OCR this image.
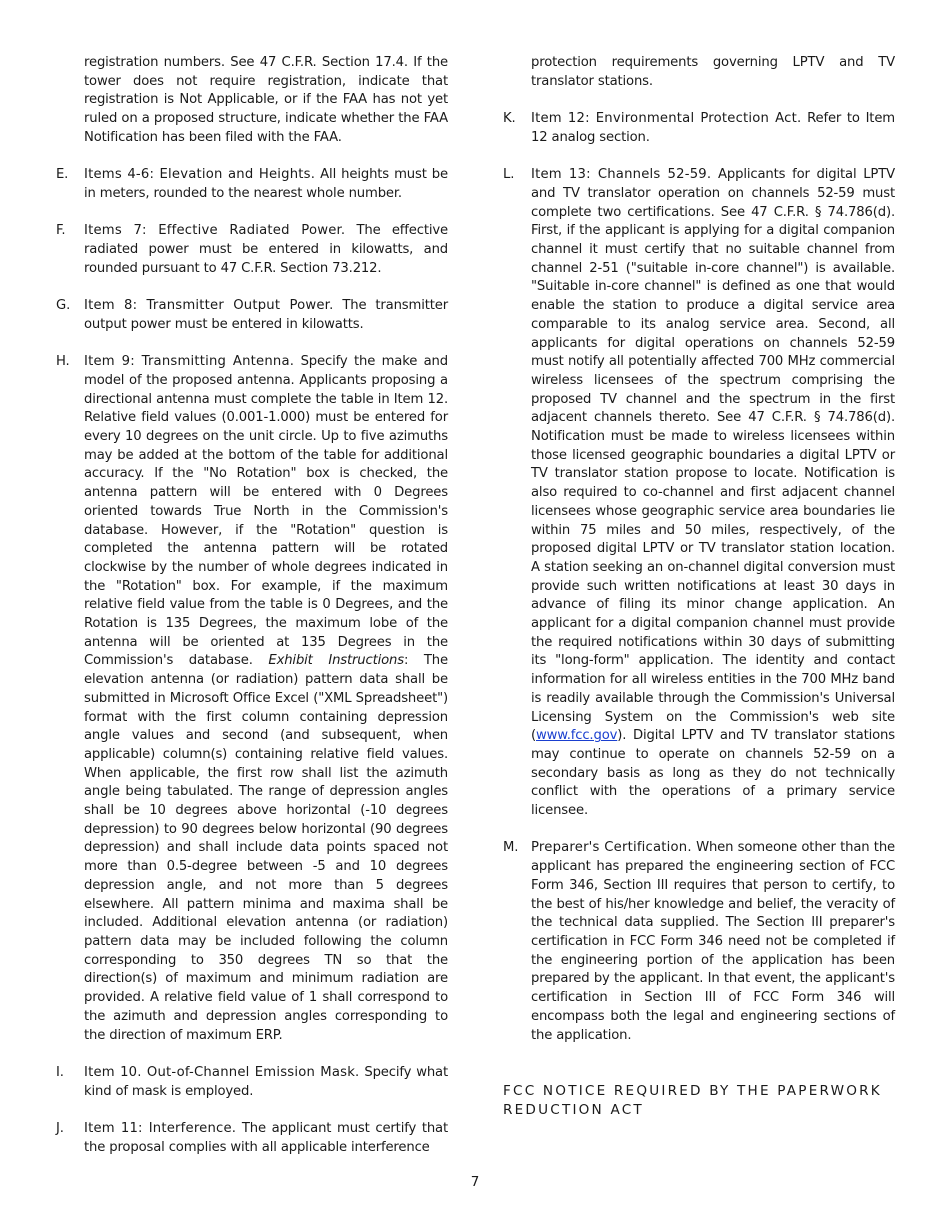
registration numbers. See 47 C.F.R. Section 17.4. If the tower does not require registration, indicate that registration is Not Applicable, or if the FAA has not yet ruled on a proposed structure, indicate whether the FAA Notification has been filed with the FAA.
E. Items 4-6: Elevation and Heights. All heights must be in meters, rounded to the nearest whole number.
F. Items 7: Effective Radiated Power. The effective radiated power must be entered in kilowatts, and rounded pursuant to 47 C.F.R. Section 73.212.
G. Item 8: Transmitter Output Power. The transmitter output power must be entered in kilowatts.
H. Item 9: Transmitting Antenna. Specify the make and model of the proposed antenna. Applicants proposing a directional antenna must complete the table in Item 12. Relative field values (0.001-1.000) must be entered for every 10 degrees on the unit circle. Up to five azimuths may be added at the bottom of the table for additional accuracy. If the "No Rotation" box is checked, the antenna pattern will be entered with 0 Degrees oriented towards True North in the Commission's database. However, if the "Rotation" question is completed the antenna pattern will be rotated clockwise by the number of whole degrees indicated in the "Rotation" box. For example, if the maximum relative field value from the table is 0 Degrees, and the Rotation is 135 Degrees, the maximum lobe of the antenna will be oriented at 135 Degrees in the Commission's database. Exhibit Instructions: The elevation antenna (or radiation) pattern data shall be submitted in Microsoft Office Excel ("XML Spreadsheet") format with the first column containing depression angle values and second (and subsequent, when applicable) column(s) containing relative field values. When applicable, the first row shall list the azimuth angle being tabulated. The range of depression angles shall be 10 degrees above horizontal (-10 degrees depression) to 90 degrees below horizontal (90 degrees depression) and shall include data points spaced not more than 0.5-degree between -5 and 10 degrees depression angle, and not more than 5 degrees elsewhere. All pattern minima and maxima shall be included. Additional elevation antenna (or radiation) pattern data may be included following the column corresponding to 350 degrees TN so that the direction(s) of maximum and minimum radiation are provided. A relative field value of 1 shall correspond to the azimuth and depression angles corresponding to the direction of maximum ERP.
I. Item 10. Out-of-Channel Emission Mask. Specify what kind of mask is employed.
J. Item 11: Interference. The applicant must certify that the proposal complies with all applicable interference
protection requirements governing LPTV and TV translator stations.
K. Item 12: Environmental Protection Act. Refer to Item 12 analog section.
L. Item 13: Channels 52-59. Applicants for digital LPTV and TV translator operation on channels 52-59 must complete two certifications. See 47 C.F.R. § 74.786(d). First, if the applicant is applying for a digital companion channel it must certify that no suitable channel from channel 2-51 ("suitable in-core channel") is available. "Suitable in-core channel" is defined as one that would enable the station to produce a digital service area comparable to its analog service area. Second, all applicants for digital operations on channels 52-59 must notify all potentially affected 700 MHz commercial wireless licensees of the spectrum comprising the proposed TV channel and the spectrum in the first adjacent channels thereto. See 47 C.F.R. § 74.786(d). Notification must be made to wireless licensees within those licensed geographic boundaries a digital LPTV or TV translator station propose to locate. Notification is also required to co-channel and first adjacent channel licensees whose geographic service area boundaries lie within 75 miles and 50 miles, respectively, of the proposed digital LPTV or TV translator station location. A station seeking an on-channel digital conversion must provide such written notifications at least 30 days in advance of filing its minor change application. An applicant for a digital companion channel must provide the required notifications within 30 days of submitting its "long-form" application. The identity and contact information for all wireless entities in the 700 MHz band is readily available through the Commission's Universal Licensing System on the Commission's web site (www.fcc.gov). Digital LPTV and TV translator stations may continue to operate on channels 52-59 on a secondary basis as long as they do not technically conflict with the operations of a primary service licensee.
M. Preparer's Certification. When someone other than the applicant has prepared the engineering section of FCC Form 346, Section III requires that person to certify, to the best of his/her knowledge and belief, the veracity of the technical data supplied. The Section III preparer's certification in FCC Form 346 need not be completed if the engineering portion of the application has been prepared by the applicant. In that event, the applicant's certification in Section III of FCC Form 346 will encompass both the legal and engineering sections of the application.
FCC NOTICE REQUIRED BY THE PAPERWORK REDUCTION ACT
7
